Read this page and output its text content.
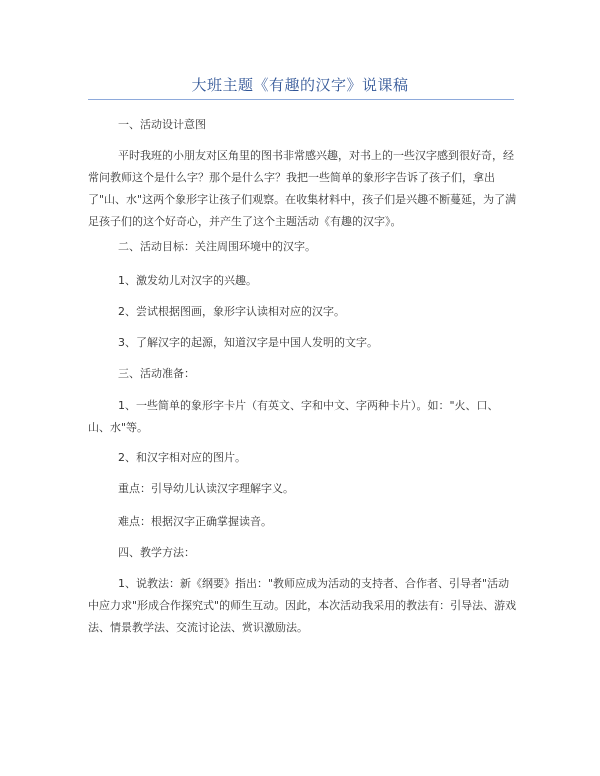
大班主题《有趣的汉字》说课稿

一、活动设计意图

平时我班的小朋友对区角里的图书非常感兴趣，对书上的一些汉字感到很好奇，经常问教师这个是什么字？那个是什么字？我把一些简单的象形字告诉了孩子们，拿出了"山、水"这两个象形字让孩子们观察。在收集材料中，孩子们是兴趣不断蔓延，为了满足孩子们的这个好奇心，并产生了这个主题活动《有趣的汉字》。

二、活动目标：关注周围环境中的汉字。

1、激发幼儿对汉字的兴趣。

2、尝试根据图画，象形字认读相对应的汉字。

3、了解汉字的起源，知道汉字是中国人发明的文字。

三、活动准备：

1、一些简单的象形字卡片（有英文、字和中文、字两种卡片）。如："火、口、山、水"等。

2、和汉字相对应的图片。

重点：引导幼儿认读汉字理解字义。

难点：根据汉字正确掌握读音。

四、教学方法：

1、说教法：新《纲要》指出："教师应成为活动的支持者、合作者、引导者"活动中应力求"形成合作探究式"的师生互动。因此，本次活动我采用的教法有：引导法、游戏法、情景教学法、交流讨论法、赏识激励法。
